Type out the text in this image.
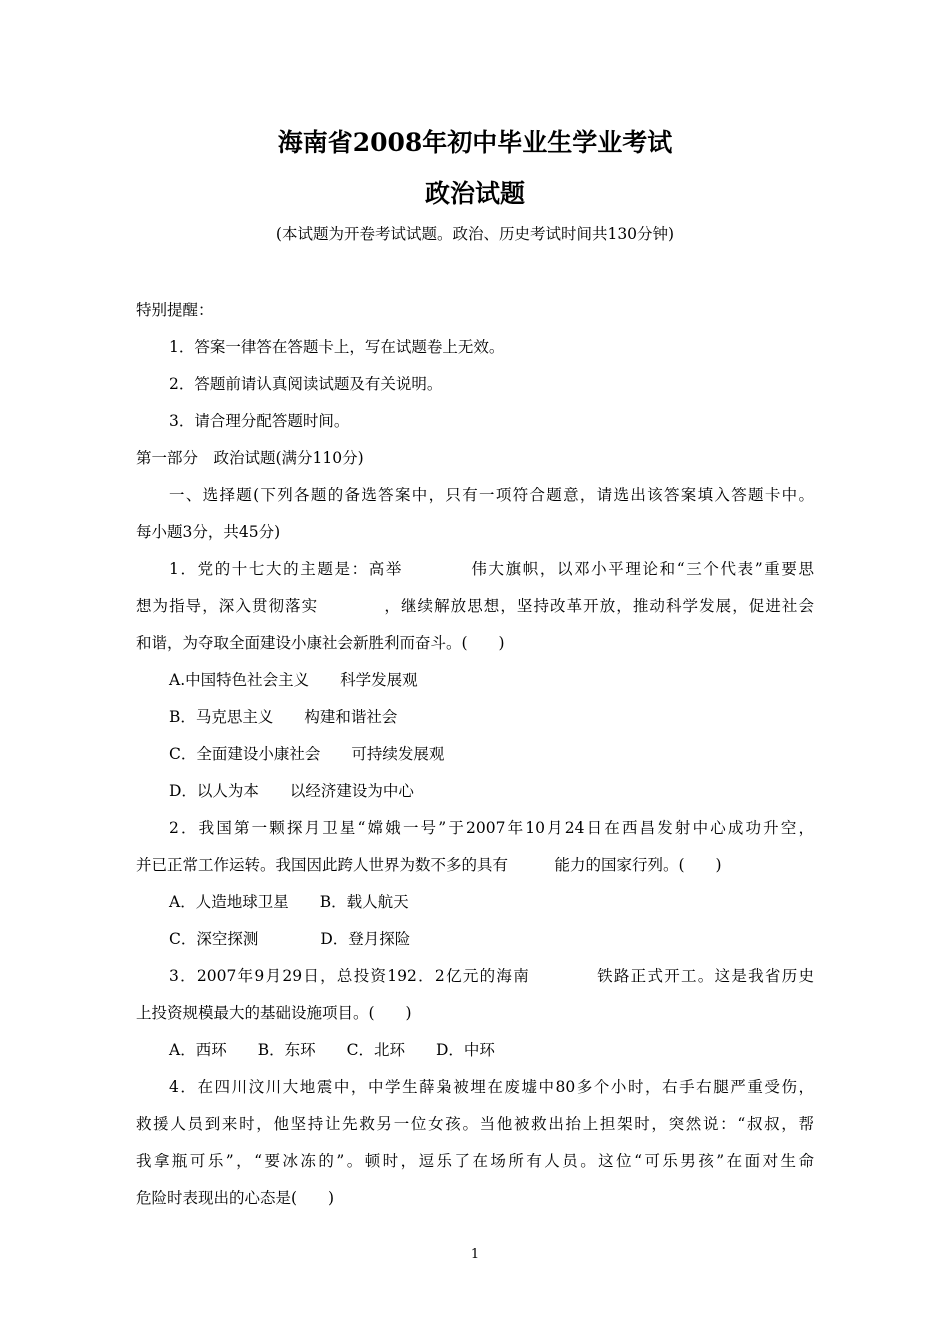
海南省2008年初中毕业生学业考试
政治试题
(本试题为开卷考试试题。政治、历史考试时间共130分钟)
特别提醒：
1．答案一律答在答题卡上，写在试题卷上无效。
2．答题前请认真阅读试题及有关说明。
3．请合理分配答题时间。
第一部分　政治试题(满分110分)
一、选择题(下列各题的备选答案中，只有一项符合题意，请选出该答案填入答题卡中。
每小题3分，共45分)
1．党的十七大的主题是：高举　　　　伟大旗帜，以邓小平理论和“三个代表”重要思
想为指导，深入贯彻落实　　　　，继续解放思想，坚持改革开放，推动科学发展，促进社会
和谐，为夺取全面建设小康社会新胜利而奋斗。(　　)
A.中国特色社会主义　　科学发展观
B．马克思主义　　构建和谐社会
C．全面建设小康社会　　可持续发展观
D．以人为本　　以经济建设为中心
2．我国第一颗探月卫星“嫦娥一号”于2007年10月24日在西昌发射中心成功升空，
并已正常工作运转。我国因此跨人世界为数不多的具有　　　能力的国家行列。(　　)
A．人造地球卫星　　B．载人航天
C．深空探测　　　　D．登月探险
3．2007年9月29日，总投资192．2亿元的海南　　　　铁路正式开工。这是我省历史
上投资规模最大的基础设施项目。(　　)
A．西环　　B．东环　　C．北环　　D．中环
4．在四川汶川大地震中，中学生薛枭被埋在废墟中80多个小时，右手右腿严重受伤，
救援人员到来时，他坚持让先救另一位女孩。当他被救出抬上担架时，突然说：“叔叔，帮
我拿瓶可乐”，“要冰冻的”。顿时，逗乐了在场所有人员。这位“可乐男孩”在面对生命
危险时表现出的心态是(　　)
1
